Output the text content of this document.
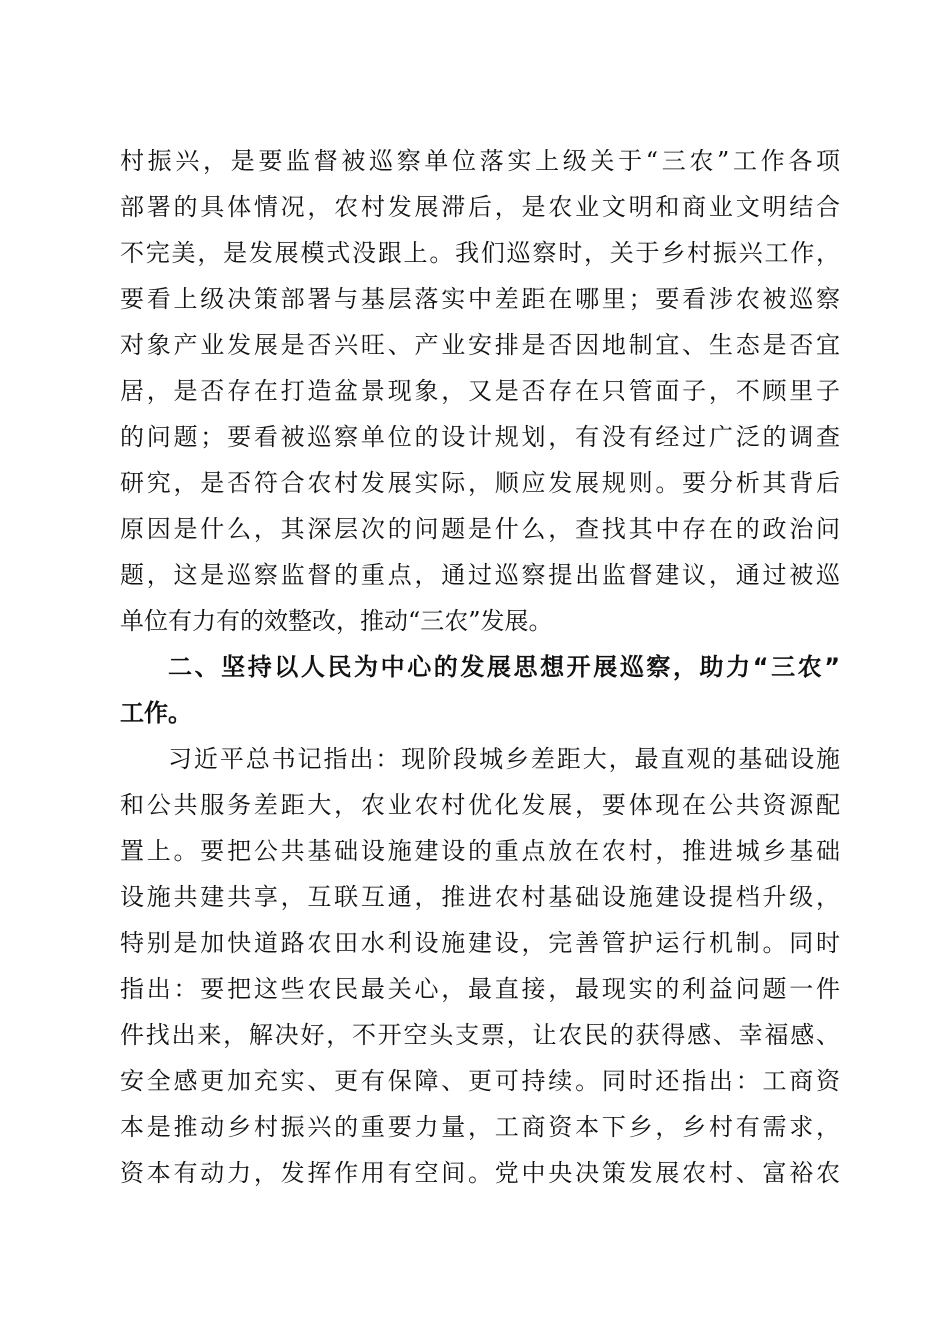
村振兴，是要监督被巡察单位落实上级关于“三农”工作各项
部署的具体情况，农村发展滞后，是农业文明和商业文明结合
不完美，是发展模式没跟上。我们巡察时，关于乡村振兴工作，
要看上级决策部署与基层落实中差距在哪里；要看涉农被巡察
对象产业发展是否兴旺、产业安排是否因地制宜、生态是否宜
居，是否存在打造盆景现象，又是否存在只管面子，不顾里子
的问题；要看被巡察单位的设计规划，有没有经过广泛的调查
研究，是否符合农村发展实际，顺应发展规则。要分析其背后
原因是什么，其深层次的问题是什么，查找其中存在的政治问
题，这是巡察监督的重点，通过巡察提出监督建议，通过被巡
单位有力有的效整改，推动“三农”发展。
二、坚持以人民为中心的发展思想开展巡察，助力“三农”
工作。
习近平总书记指出：现阶段城乡差距大，最直观的基础设施
和公共服务差距大，农业农村优化发展，要体现在公共资源配
置上。要把公共基础设施建设的重点放在农村，推进城乡基础
设施共建共享，互联互通，推进农村基础设施建设提档升级，
特别是加快道路农田水利设施建设，完善管护运行机制。同时
指出：要把这些农民最关心，最直接，最现实的利益问题一件
件找出来，解决好，不开空头支票，让农民的获得感、幸福感、
安全感更加充实、更有保障、更可持续。同时还指出：工商资
本是推动乡村振兴的重要力量，工商资本下乡，乡村有需求，
资本有动力，发挥作用有空间。党中央决策发展农村、富裕农
